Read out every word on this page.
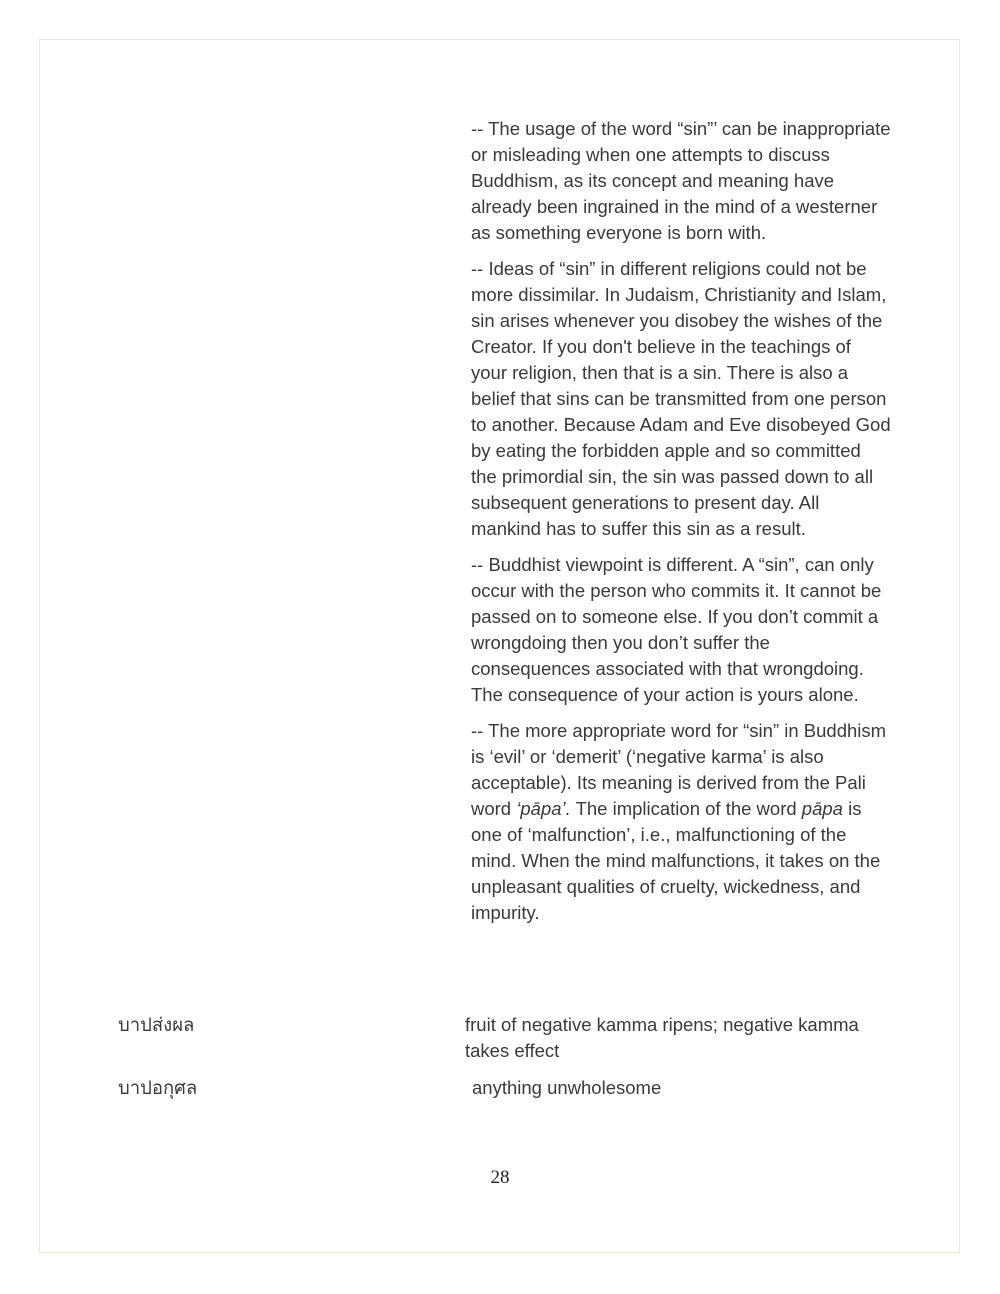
-- The usage of the word “sin”’ can be inappropriate or misleading when one attempts to discuss Buddhism, as its concept and meaning have already been ingrained in the mind of a westerner as something everyone is born with.

-- Ideas of “sin” in different religions could not be more dissimilar. In Judaism, Christianity and Islam, sin arises whenever you disobey the wishes of the Creator. If you don't believe in the teachings of your religion, then that is a sin. There is also a belief that sins can be transmitted from one person to another. Because Adam and Eve disobeyed God by eating the forbidden apple and so committed the primordial sin, the sin was passed down to all subsequent generations to present day. All mankind has to suffer this sin as a result.

-- Buddhist viewpoint is different. A “sin”, can only occur with the person who commits it. It cannot be passed on to someone else. If you don’t commit a wrongdoing then you don’t suffer the consequences associated with that wrongdoing. The consequence of your action is yours alone.

-- The more appropriate word for “sin” in Buddhism is ‘evil’ or ‘demerit’ (‘negative karma’ is also acceptable). Its meaning is derived from the Pali word ‘pāpa’. The implication of the word pāpa is one of ‘malfunction’, i.e., malfunctioning of the mind. When the mind malfunctions, it takes on the unpleasant qualities of cruelty, wickedness, and impurity.

บาปส่งผล	fruit of negative kamma ripens; negative kamma takes effect
บาปอกุศล	anything unwholesome
28
